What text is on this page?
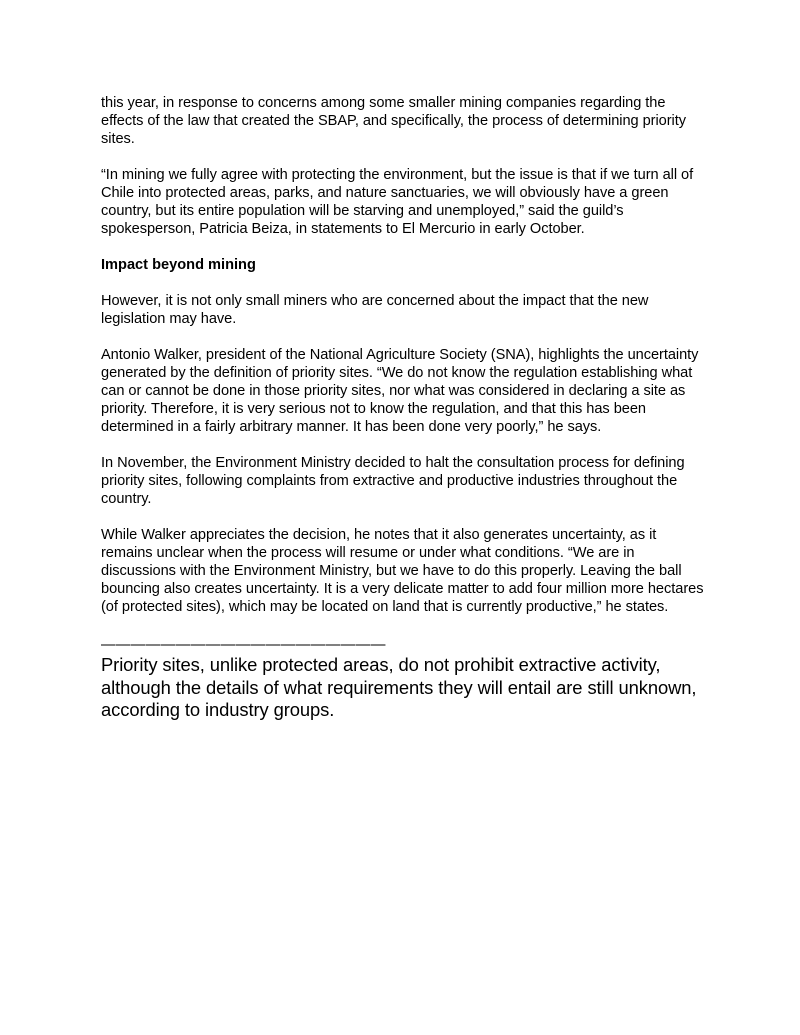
this year, in response to concerns among some smaller mining companies regarding the effects of the law that created the SBAP, and specifically, the process of determining priority sites.

“In mining we fully agree with protecting the environment, but the issue is that if we turn all of Chile into protected areas, parks, and nature sanctuaries, we will obviously have a green country, but its entire population will be starving and unemployed,” said the guild’s spokesperson, Patricia Beiza, in statements to El Mercurio in early October.

Impact beyond mining

However, it is not only small miners who are concerned about the impact that the new legislation may have.

Antonio Walker, president of the National Agriculture Society (SNA), highlights the uncertainty generated by the definition of priority sites. “We do not know the regulation establishing what can or cannot be done in those priority sites, nor what was considered in declaring a site as priority. Therefore, it is very serious not to know the regulation, and that this has been determined in a fairly arbitrary manner. It has been done very poorly,” he says.

In November, the Environment Ministry decided to halt the consultation process for defining priority sites, following complaints from extractive and productive industries throughout the country.

While Walker appreciates the decision, he notes that it also generates uncertainty, as it remains unclear when the process will resume or under what conditions. “We are in discussions with the Environment Ministry, but we have to do this properly. Leaving the ball bouncing also creates uncertainty. It is a very delicate matter to add four million more hectares (of protected sites), which may be located on land that is currently productive,” he states.

———————————————————

Priority sites, unlike protected areas, do not prohibit extractive activity, although the details of what requirements they will entail are still unknown, according to industry groups.
